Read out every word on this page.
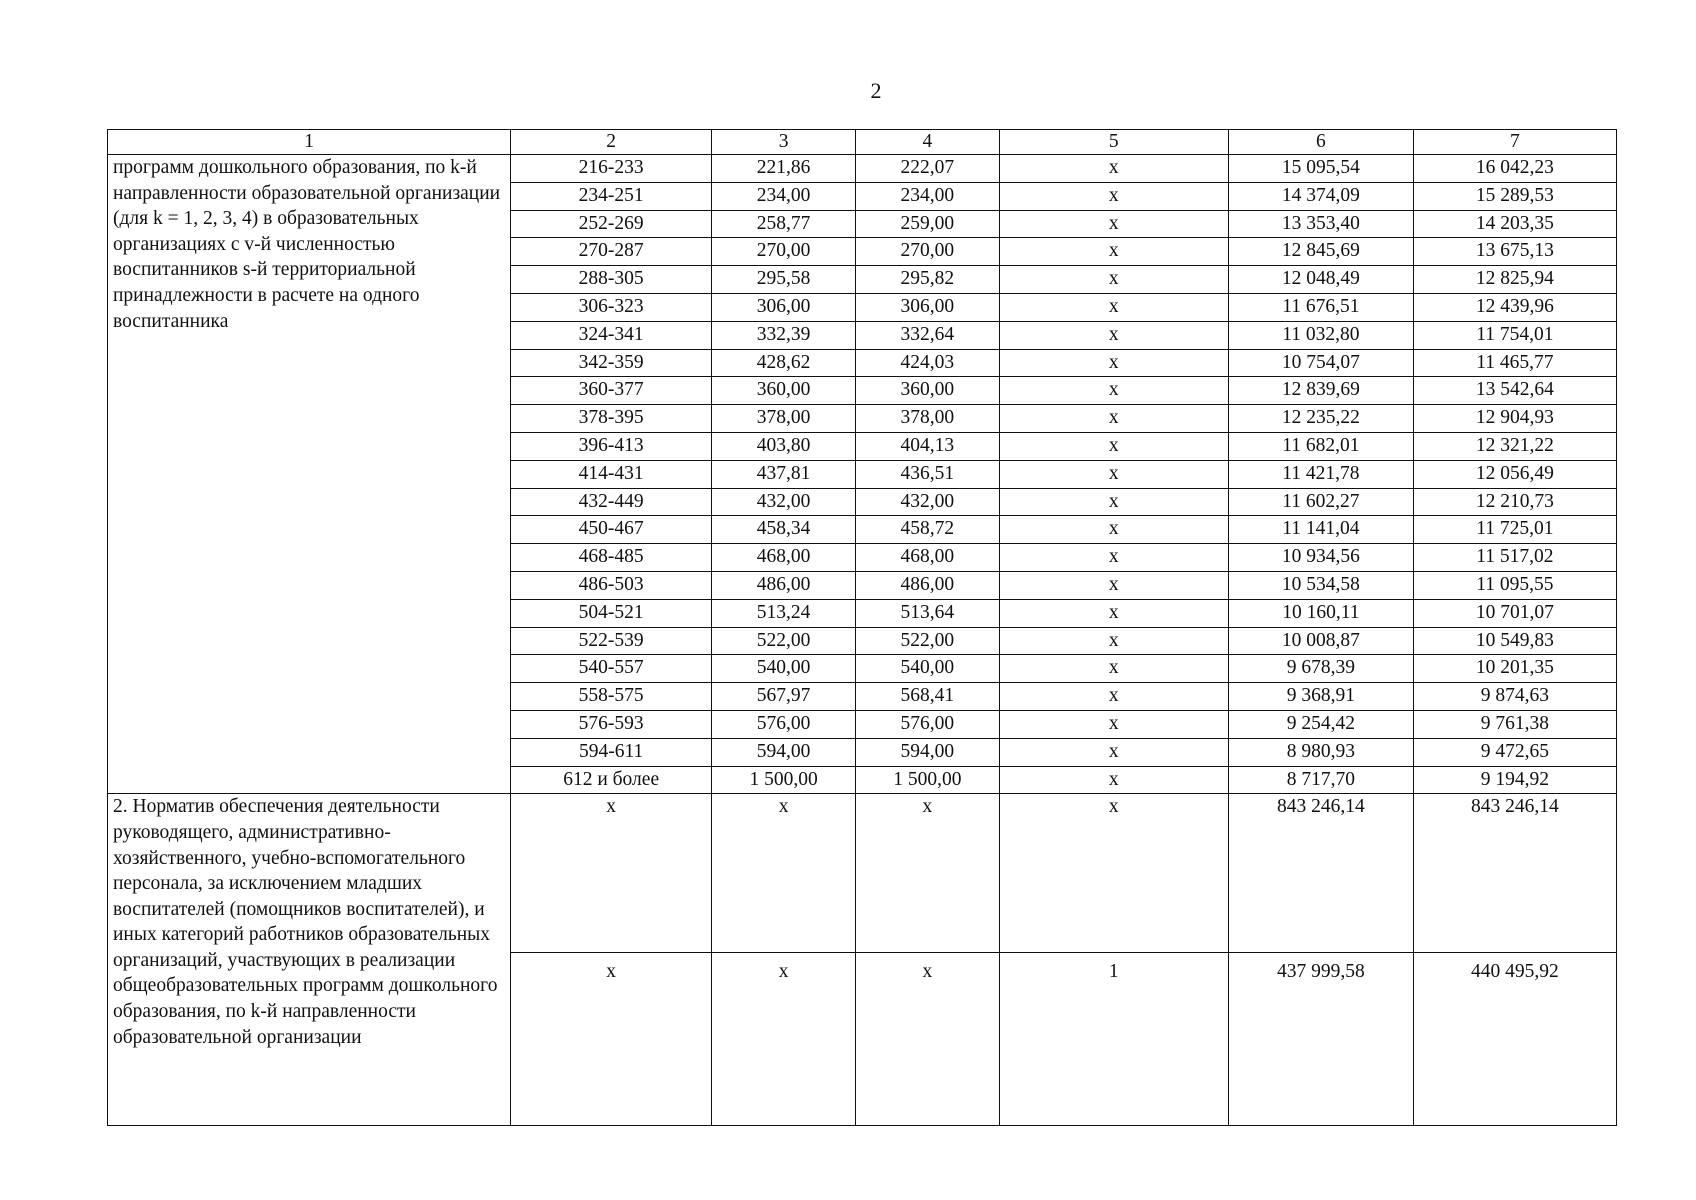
2
1	2	3	4	5	6	7
программ дошкольного образования, по k-й направленности образовательной организации (для k = 1, 2, 3, 4) в образовательных организациях с v-й численностью воспитанников s-й территориальной принадлежности в расчете на одного воспитанника	216-233	221,86	222,07	x	15 095,54	16 042,23
	234-251	234,00	234,00	x	14 374,09	15 289,53
	252-269	258,77	259,00	x	13 353,40	14 203,35
	270-287	270,00	270,00	x	12 845,69	13 675,13
	288-305	295,58	295,82	x	12 048,49	12 825,94
	306-323	306,00	306,00	x	11 676,51	12 439,96
	324-341	332,39	332,64	x	11 032,80	11 754,01
	342-359	428,62	424,03	x	10 754,07	11 465,77
	360-377	360,00	360,00	x	12 839,69	13 542,64
	378-395	378,00	378,00	x	12 235,22	12 904,93
	396-413	403,80	404,13	x	11 682,01	12 321,22
	414-431	437,81	436,51	x	11 421,78	12 056,49
	432-449	432,00	432,00	x	11 602,27	12 210,73
	450-467	458,34	458,72	x	11 141,04	11 725,01
	468-485	468,00	468,00	x	10 934,56	11 517,02
	486-503	486,00	486,00	x	10 534,58	11 095,55
	504-521	513,24	513,64	x	10 160,11	10 701,07
	522-539	522,00	522,00	x	10 008,87	10 549,83
	540-557	540,00	540,00	x	9 678,39	10 201,35
	558-575	567,97	568,41	x	9 368,91	9 874,63
	576-593	576,00	576,00	x	9 254,42	9 761,38
	594-611	594,00	594,00	x	8 980,93	9 472,65
	612 и более	1 500,00	1 500,00	x	8 717,70	9 194,92
2. Норматив обеспечения деятельности руководящего, административно-хозяйственного, учебно-вспомогательного персонала, за исключением младших воспитателей (помощников воспитателей), и иных категорий работников образовательных организаций, участвующих в реализации общеобразовательных программ дошкольного образования, по k-й направленности образовательной организации	x	x	x	x	843 246,14	843 246,14
	x	x	x	1	437 999,58	440 495,92
